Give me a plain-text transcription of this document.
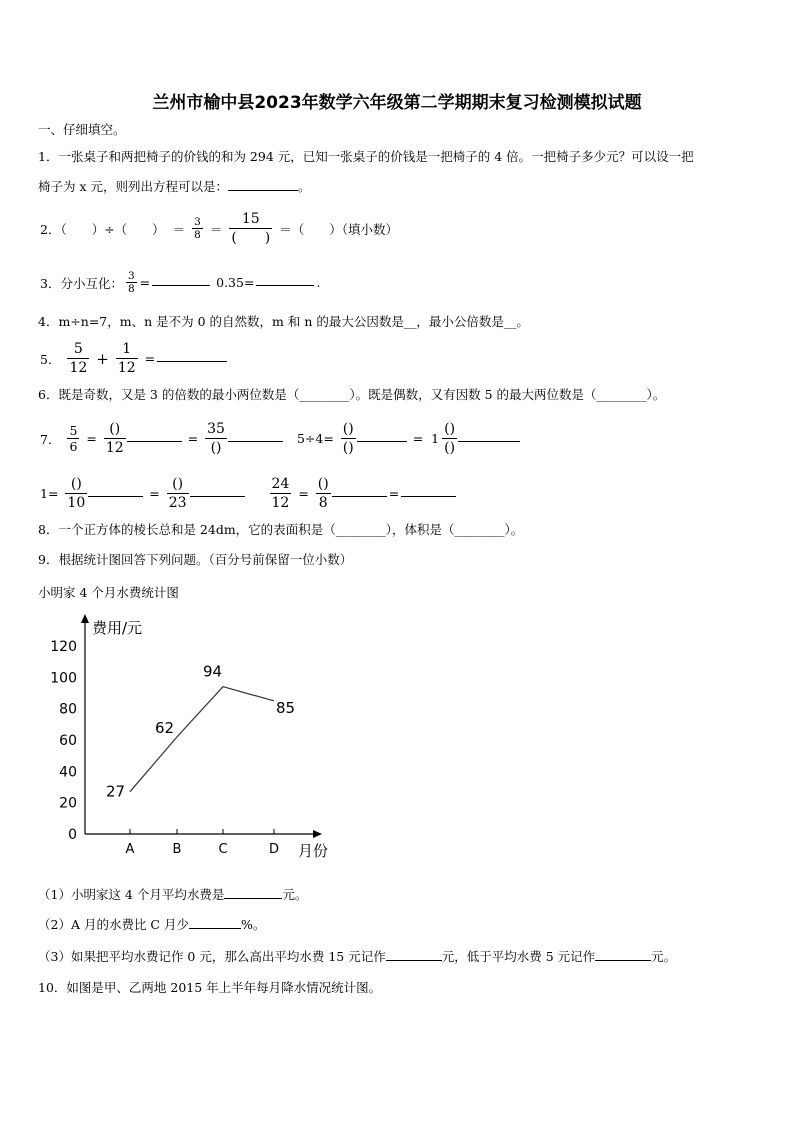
兰州市榆中县2023年数学六年级第二学期期末复习检测模拟试题
一、仔细填空。
1．一张桌子和两把椅子的价钱的和为 294 元，已知一张桌子的价钱是一把椅子的 4 倍。一把椅子多少元？可以设一把
椅子为 x 元，则列出方程可以是：	。
2．（　　）÷（　　） ＝ $\frac{3}{8} = \frac{15}{( )}$ ＝（　　）（填小数）
3．分小互化： $\frac{3}{8}$ =	0.35=	.
4．m÷n=7，m、n 是不为 0 的自然数，m 和 n 的最大公因数是__，最小公倍数是__。
5． $\frac{5}{12} + \frac{1}{12}$ =
6．既是奇数，又是 3 的倍数的最小两位数是（________）。既是偶数，又有因数 5 的最大两位数是（________）。
7． $\frac{5}{6} = \frac{()}{12}$	= $\frac{35}{()}$	$5\div 4= \frac{()}{()}$	= $1 \frac{()}{()}$
$1= \frac{()}{10}$	= $\frac{()}{23}$
	$\frac{24}{12} = \frac{()}{8}$	=
8．一个正方体的棱长总和是 24dm，它的表面积是（________），体积是（________）。
9．根据统计图回答下列问题。（百分号前保留一位小数）
小明家 4 个月水费统计图
费用/元
月份
0
20
40
60
80
100
120
A	B	C	D
27
62
94
85
（1）小明家这 4 个月平均水费是	元。
（2）A 月的水费比 C 月少	%。
（3）如果把平均水费记作 0 元，那么高出平均水费 15 元记作	元，低于平均水费 5 元记作	元。
10．如图是甲、乙两地 2015 年上半年每月降水情况统计图。
